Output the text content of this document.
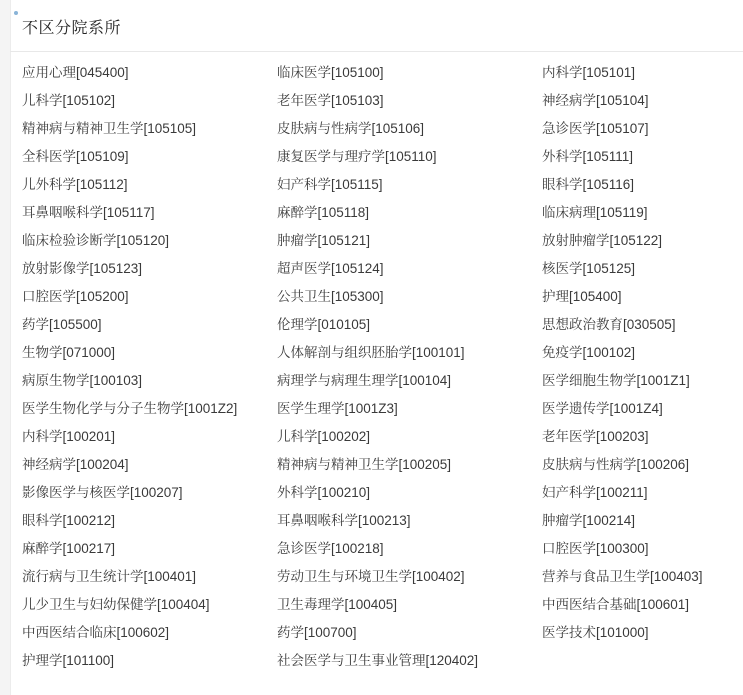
不区分院系所
应用心理[045400]	临床医学[105100]	内科学[105101]
儿科学[105102]	老年医学[105103]	神经病学[105104]
精神病与精神卫生学[105105]	皮肤病与性病学[105106]	急诊医学[105107]
全科医学[105109]	康复医学与理疗学[105110]	外科学[105111]
儿外科学[105112]	妇产科学[105115]	眼科学[105116]
耳鼻咽喉科学[105117]	麻醉学[105118]	临床病理[105119]
临床检验诊断学[105120]	肿瘤学[105121]	放射肿瘤学[105122]
放射影像学[105123]	超声医学[105124]	核医学[105125]
口腔医学[105200]	公共卫生[105300]	护理[105400]
药学[105500]	伦理学[010105]	思想政治教育[030505]
生物学[071000]	人体解剖与组织胚胎学[100101]	免疫学[100102]
病原生物学[100103]	病理学与病理生理学[100104]	医学细胞生物学[1001Z1]
医学生物化学与分子生物学[1001Z2]	医学生理学[1001Z3]	医学遗传学[1001Z4]
内科学[100201]	儿科学[100202]	老年医学[100203]
神经病学[100204]	精神病与精神卫生学[100205]	皮肤病与性病学[100206]
影像医学与核医学[100207]	外科学[100210]	妇产科学[100211]
眼科学[100212]	耳鼻咽喉科学[100213]	肿瘤学[100214]
麻醉学[100217]	急诊医学[100218]	口腔医学[100300]
流行病与卫生统计学[100401]	劳动卫生与环境卫生学[100402]	营养与食品卫生学[100403]
儿少卫生与妇幼保健学[100404]	卫生毒理学[100405]	中西医结合基础[100601]
中西医结合临床[100602]	药学[100700]	医学技术[101000]
护理学[101100]	社会医学与卫生事业管理[120402]
